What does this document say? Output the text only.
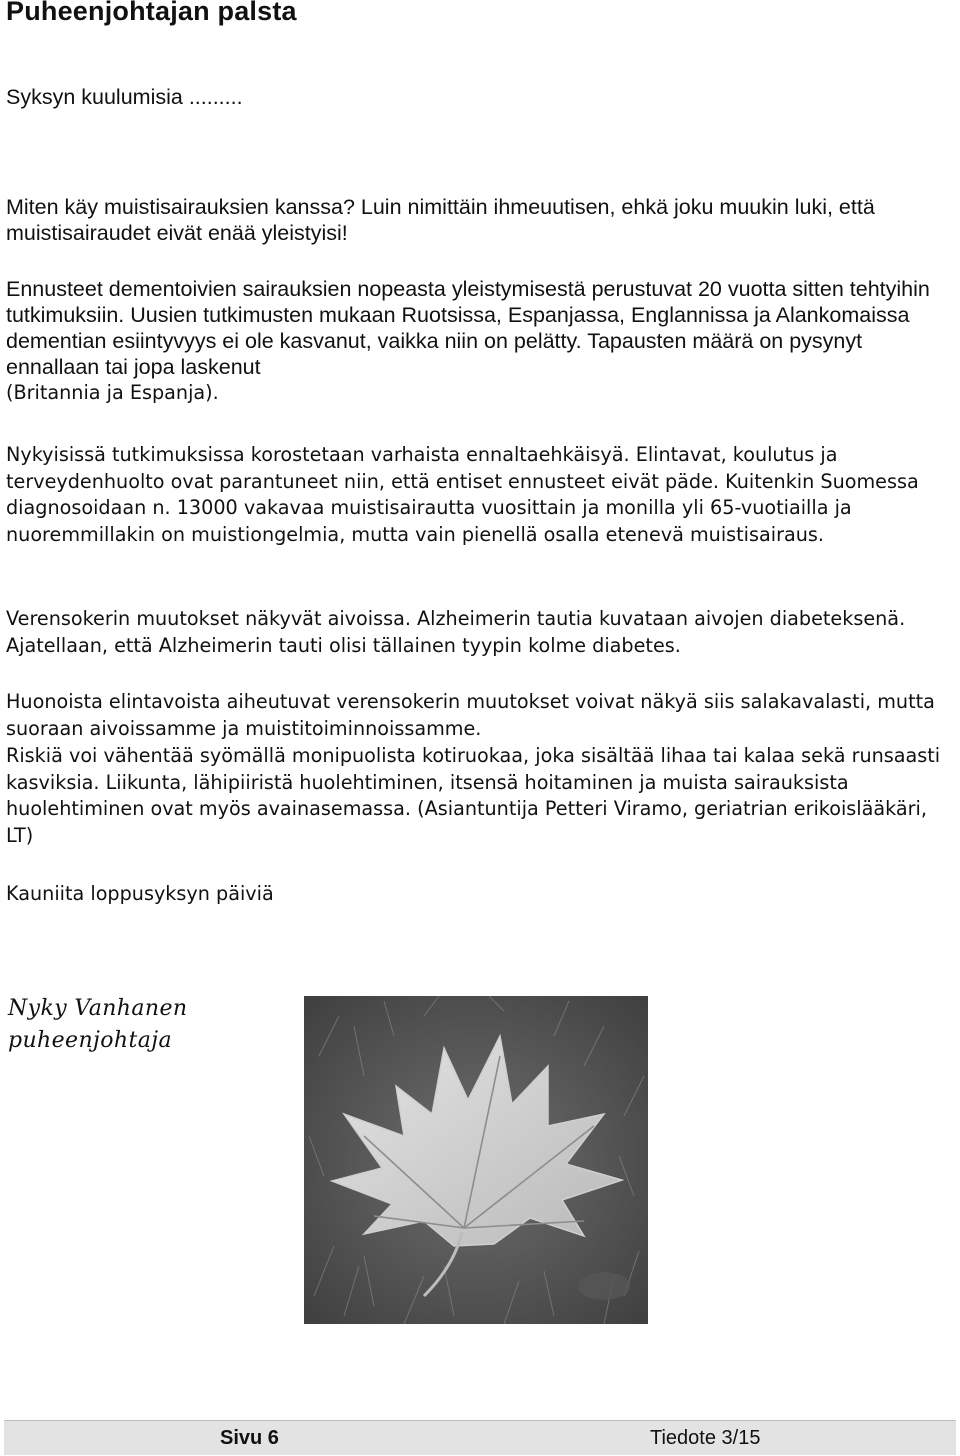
Puheenjohtajan palsta

Syksyn kuulumisia .........

Miten käy muistisairauksien kanssa? Luin nimittäin ihmeuutisen, ehkä joku muukin luki, että muistisairaudet eivät enää yleistyisi!

Ennusteet dementoivien sairauksien nopeasta yleistymisestä perustuvat 20 vuotta sitten tehtyihin tutkimuksiin. Uusien tutkimusten mukaan Ruotsissa, Espanjassa, Englannissa ja Alankomaissa dementian esiintyvyys ei ole kasvanut, vaikka niin on pelätty. Tapausten määrä on pysynyt ennallaan tai jopa laskenut
(Britannia ja Espanja).

Nykyisissä tutkimuksissa korostetaan varhaista ennaltaehkäisyä. Elintavat, koulutus ja terveydenhuolto ovat parantuneet niin, että entiset ennusteet eivät päde. Kuitenkin Suomessa diagnosoidaan n. 13000 vakavaa muistisairautta vuosittain ja monilla yli 65-vuotiailla ja nuoremmillakin on muistiongelmia, mutta vain pienellä osalla etenevä muistisairaus.

Verensokerin muutokset näkyvät aivoissa. Alzheimerin tautia kuvataan aivojen diabeteksenä. Ajatellaan, että Alzheimerin tauti olisi tällainen tyypin kolme diabetes.

Huonoista elintavoista aiheutuvat verensokerin muutokset voivat näkyä siis salakavalasti, mutta suoraan aivoissamme ja muistitoiminnoissamme.

Riskiä voi vähentää syömällä monipuolista kotiruokaa, joka sisältää lihaa tai kalaa sekä runsaasti kasviksia. Liikunta, lähipiiristä huolehtiminen, itsensä hoitaminen ja muista sairauksista huolehtiminen ovat myös avainasemassa. (Asiantuntija Petteri Viramo, geriatrian erikoislääkäri, LT)

Kauniita loppusyksyn päiviä

Nyky Vanhanen
puheenjohtaja
Sivu 6	Tiedote 3/15
